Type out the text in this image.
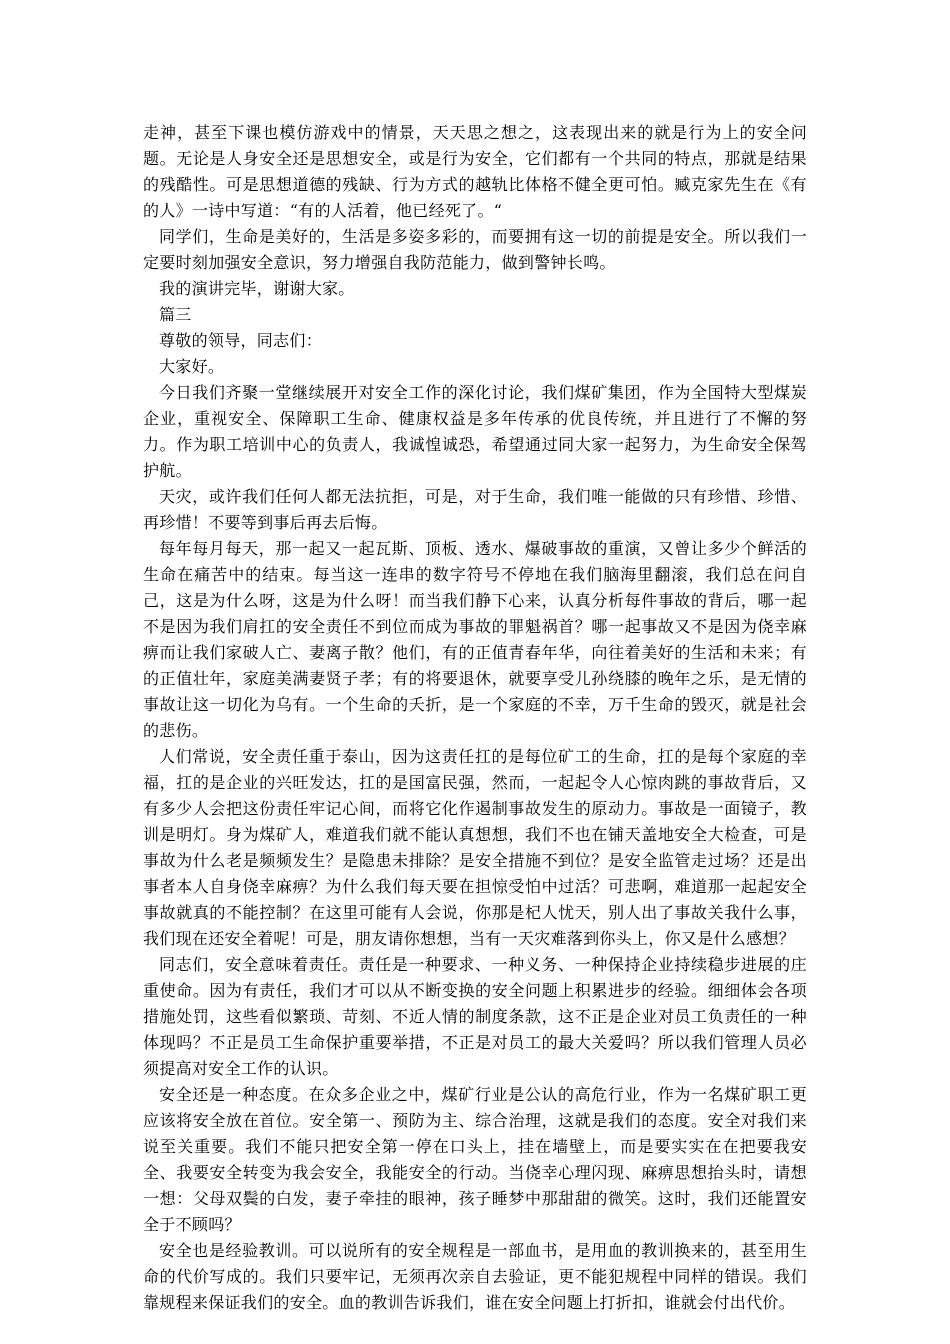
走神，甚至下课也模仿游戏中的情景，天天思之想之，这表现出来的就是行为上的安全问题。无论是人身安全还是思想安全，或是行为安全，它们都有一个共同的特点，那就是结果的残酷性。可是思想道德的残缺、行为方式的越轨比体格不健全更可怕。臧克家先生在《有的人》一诗中写道：“有的人活着，他已经死了。“

同学们，生命是美好的，生活是多姿多彩的，而要拥有这一切的前提是安全。所以我们一定要时刻加强安全意识，努力增强自我防范能力，做到警钟长鸣。

我的演讲完毕，谢谢大家。

篇三

尊敬的领导，同志们：

大家好。

今日我们齐聚一堂继续展开对安全工作的深化讨论，我们煤矿集团，作为全国特大型煤炭企业，重视安全、保障职工生命、健康权益是多年传承的优良传统，并且进行了不懈的努力。作为职工培训中心的负责人，我诚惶诚恐，希望通过同大家一起努力，为生命安全保驾护航。

天灾，或许我们任何人都无法抗拒，可是，对于生命，我们唯一能做的只有珍惜、珍惜、再珍惜！不要等到事后再去后悔。

每年每月每天，那一起又一起瓦斯、顶板、透水、爆破事故的重演，又曾让多少个鲜活的生命在痛苦中的结束。每当这一连串的数字符号不停地在我们脑海里翻滚，我们总在问自己，这是为什么呀，这是为什么呀！而当我们静下心来，认真分析每件事故的背后，哪一起不是因为我们肩扛的安全责任不到位而成为事故的罪魁祸首？哪一起事故又不是因为侥幸麻痹而让我们家破人亡、妻离子散？他们，有的正值青春年华，向往着美好的生活和未来；有的正值壮年，家庭美满妻贤子孝；有的将要退休，就要享受儿孙绕膝的晚年之乐，是无情的事故让这一切化为乌有。一个生命的夭折，是一个家庭的不幸，万千生命的毁灭，就是社会的悲伤。

人们常说，安全责任重于泰山，因为这责任扛的是每位矿工的生命，扛的是每个家庭的幸福，扛的是企业的兴旺发达，扛的是国富民强，然而，一起起令人心惊肉跳的事故背后，又有多少人会把这份责任牢记心间，而将它化作遏制事故发生的原动力。事故是一面镜子，教训是明灯。身为煤矿人，难道我们就不能认真想想，我们不也在铺天盖地安全大检查，可是事故为什么老是频频发生？是隐患未排除？是安全措施不到位？是安全监管走过场？还是出事者本人自身侥幸麻痹？为什么我们每天要在担惊受怕中过活？可悲啊，难道那一起起安全事故就真的不能控制？在这里可能有人会说，你那是杞人忧天，别人出了事故关我什么事，我们现在还安全着呢！可是，朋友请你想想，当有一天灾难落到你头上，你又是什么感想？

同志们，安全意味着责任。责任是一种要求、一种义务、一种保持企业持续稳步进展的庄重使命。因为有责任，我们才可以从不断变换的安全问题上积累进步的经验。细细体会各项措施处罚，这些看似繁琐、苛刻、不近人情的制度条款，这不正是企业对员工负责任的一种体现吗？不正是员工生命保护重要举措，不正是对员工的最大关爱吗？所以我们管理人员必须提高对安全工作的认识。

安全还是一种态度。在众多企业之中，煤矿行业是公认的高危行业，作为一名煤矿职工更应该将安全放在首位。安全第一、预防为主、综合治理，这就是我们的态度。安全对我们来说至关重要。我们不能只把安全第一停在口头上，挂在墙壁上，而是要实实在在把要我安全、我要安全转变为我会安全，我能安全的行动。当侥幸心理闪现、麻痹思想抬头时，请想一想：父母双鬓的白发，妻子牵挂的眼神，孩子睡梦中那甜甜的微笑。这时，我们还能置安全于不顾吗？

安全也是经验教训。可以说所有的安全规程是一部血书，是用血的教训换来的，甚至用生命的代价写成的。我们只要牢记，无须再次亲自去验证，更不能犯规程中同样的错误。我们靠规程来保证我们的安全。血的教训告诉我们，谁在安全问题上打折扣，谁就会付出代价。
